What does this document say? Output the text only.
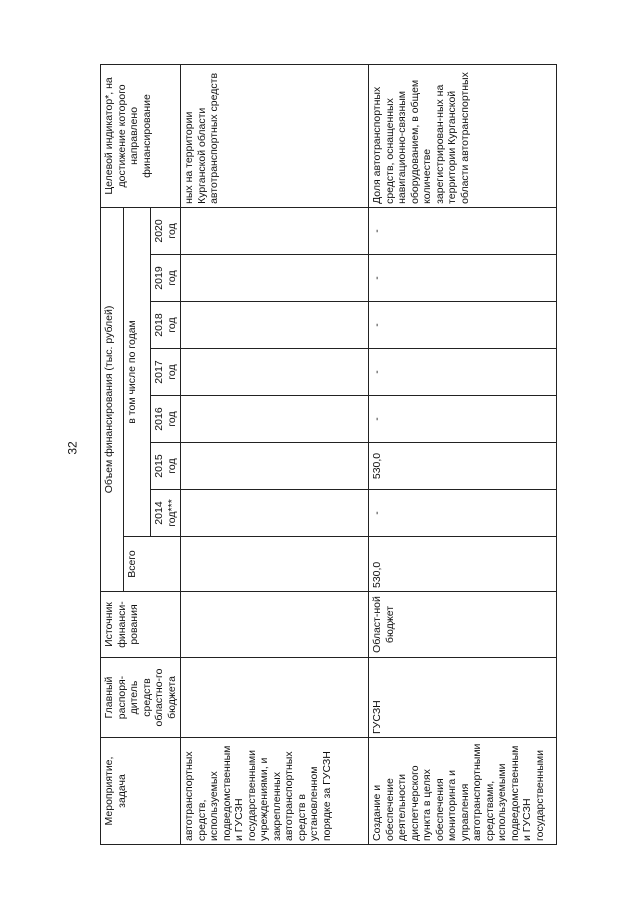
32
Мероприятие, задача	Главный распоря-дитель средств областно-го бюджета	Источник финанси-рования	Объем финансирования (тыс. рублей)								Целевой индикатор*, на достижение которого направлено финансирование
			Всего	в том числе по годам							
				2014 год***	2015 год	2016 год	2017 год	2018 год	2019 год	2020 год	
автотранспортных средств, используемых подведомственными ГУСЗН государственными учреждениями, и закрепленных автотранспортных средств в установленном порядке за ГУСЗН											ных на территории Курганской области автотранспортных средств
Создание и обеспечение деятельности диспетчерского пункта в целях обеспечения мониторинга и управления автотранспортными средствами, используемыми подведомственными ГУСЗН государственными	ГУСЗН	Област-ной бюджет	530,0	-	530,0	-	-	-	-	-	Доля автотранспортных средств, оснащенных навигационно-связным оборудованием, в общем количестве зарегистрирован-ных на территории Курганской области автотранспортных
